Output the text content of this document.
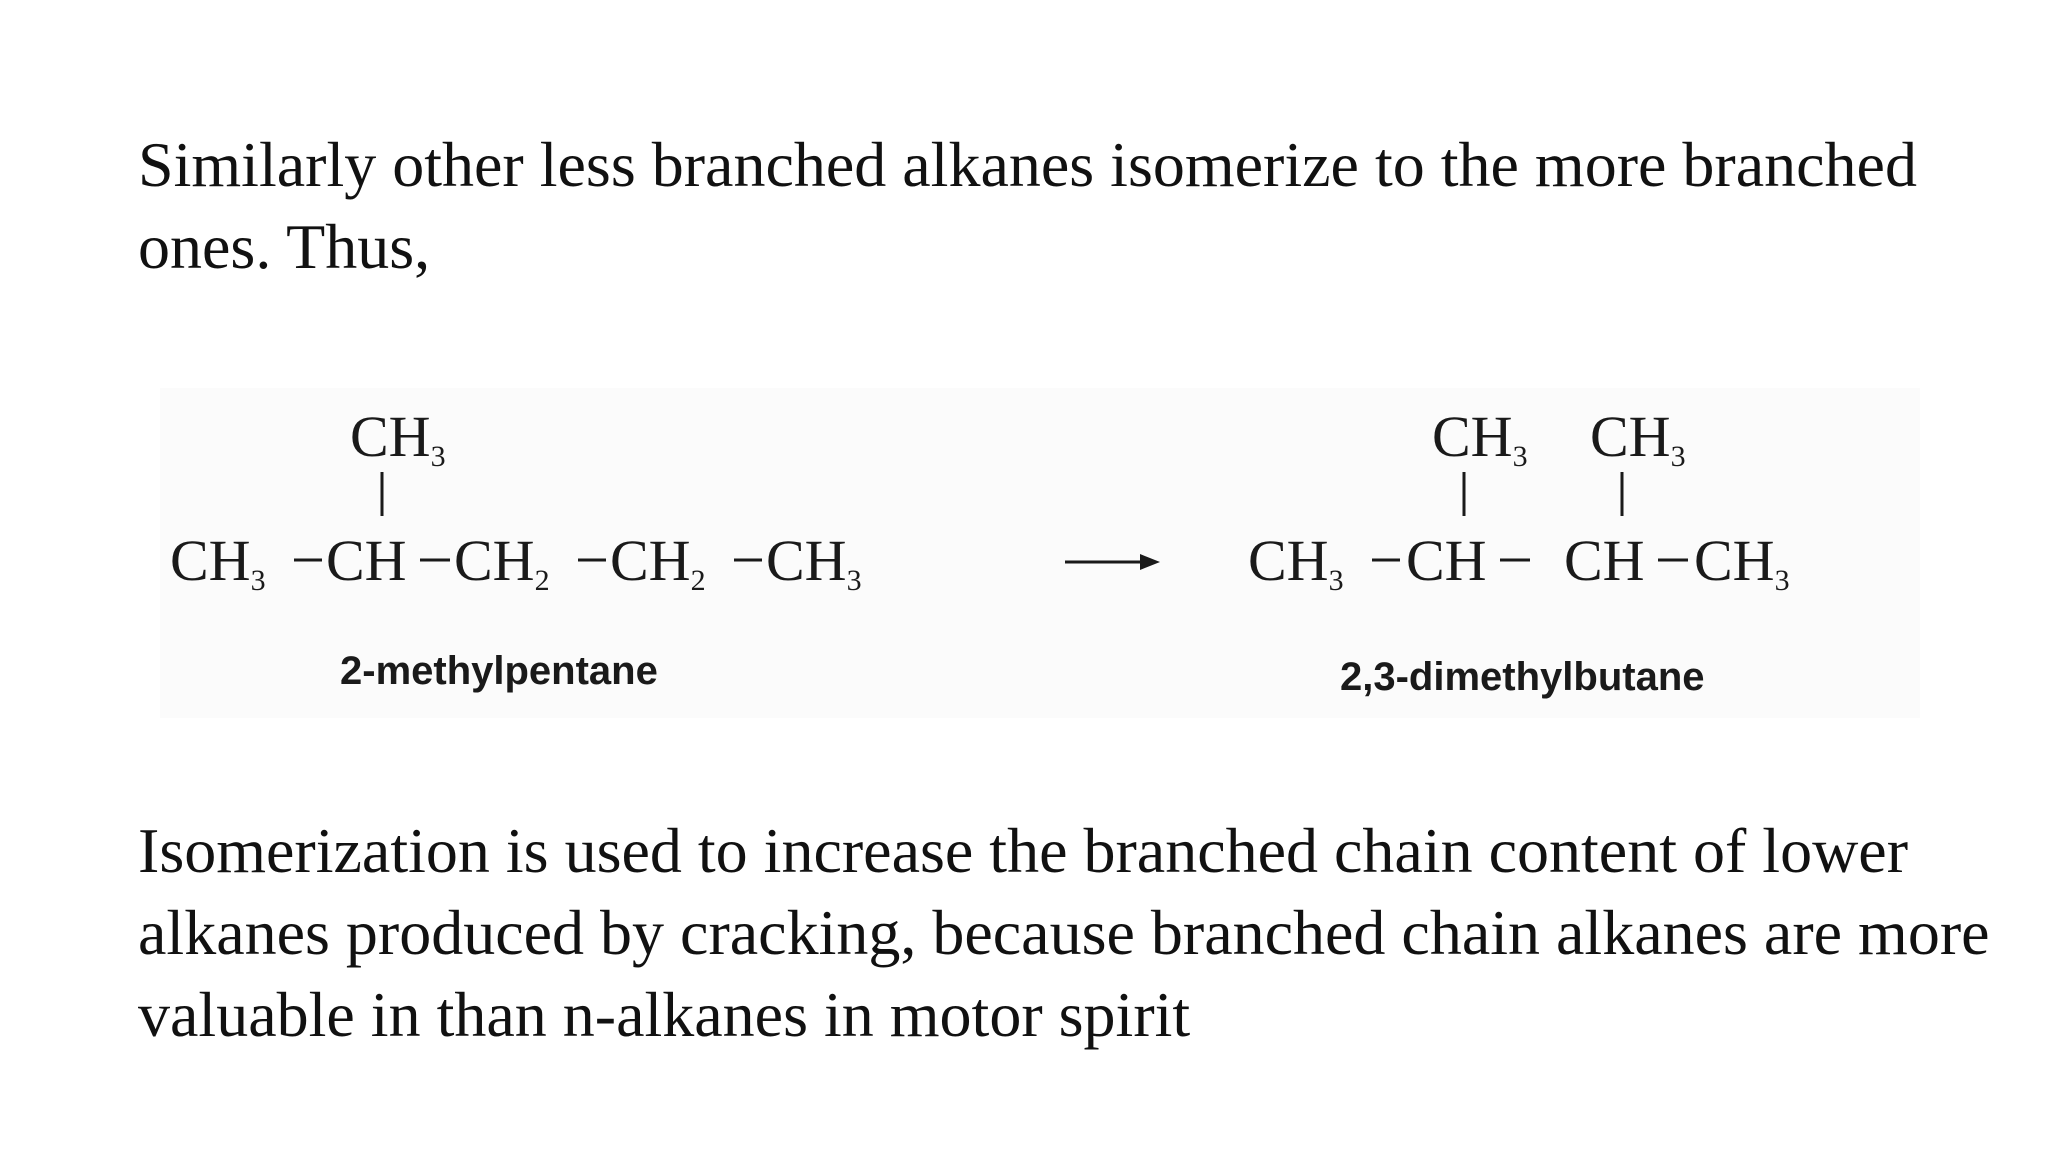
Similarly other less branched alkanes isomerize to the more branched ones. Thus,

CH3
CH3 CH CH2 CH2 CH3
2-methylpentane
CH3 CH3
CH3 CH CH CH3
2,3-dimethylbutane

Isomerization is used to increase the branched chain content of lower alkanes produced by cracking, because branched chain alkanes are more valuable in than n-alkanes in motor spirit
